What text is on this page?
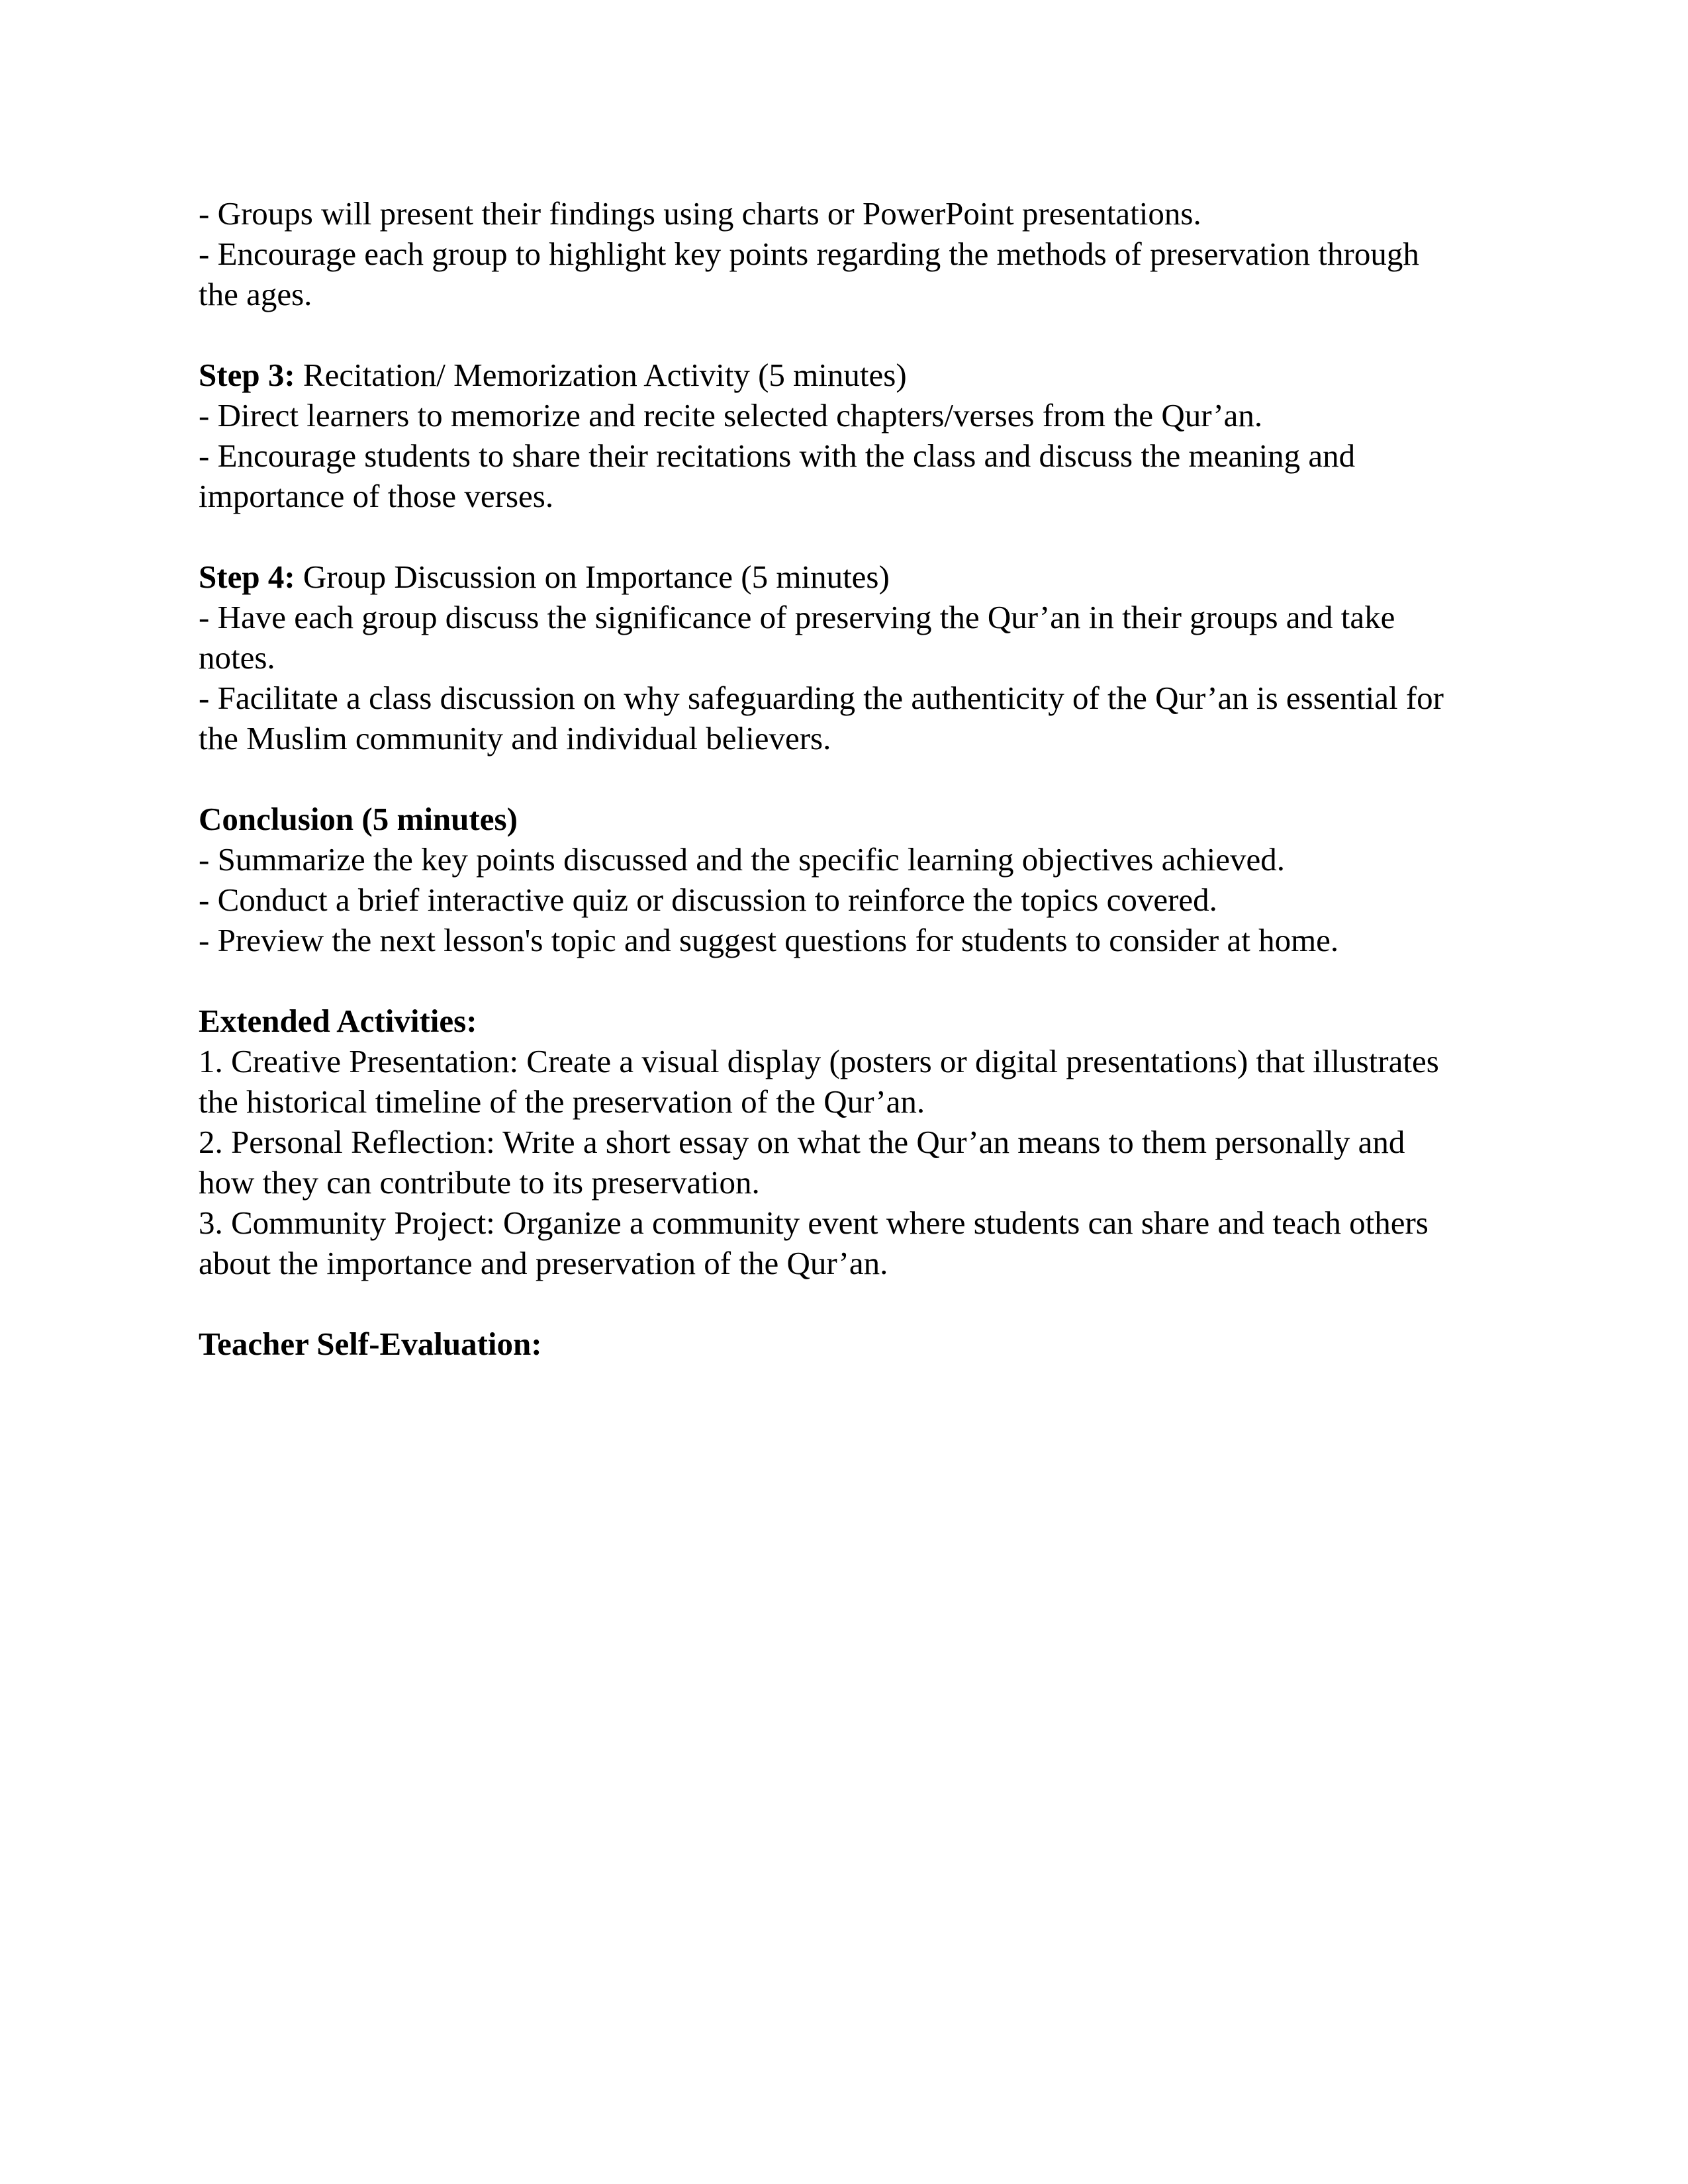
- Groups will present their findings using charts or PowerPoint presentations.
- Encourage each group to highlight key points regarding the methods of preservation through
the ages.
Step 3: Recitation/ Memorization Activity (5 minutes)
- Direct learners to memorize and recite selected chapters/verses from the Qur’an.
- Encourage students to share their recitations with the class and discuss the meaning and
importance of those verses.
Step 4: Group Discussion on Importance (5 minutes)
- Have each group discuss the significance of preserving the Qur’an in their groups and take
notes.
- Facilitate a class discussion on why safeguarding the authenticity of the Qur’an is essential for
the Muslim community and individual believers.
Conclusion (5 minutes)
- Summarize the key points discussed and the specific learning objectives achieved.
- Conduct a brief interactive quiz or discussion to reinforce the topics covered.
- Preview the next lesson's topic and suggest questions for students to consider at home.
Extended Activities:
1. Creative Presentation: Create a visual display (posters or digital presentations) that illustrates
the historical timeline of the preservation of the Qur’an.
2. Personal Reflection: Write a short essay on what the Qur’an means to them personally and
how they can contribute to its preservation.
3. Community Project: Organize a community event where students can share and teach others
about the importance and preservation of the Qur’an.
Teacher Self-Evaluation:
